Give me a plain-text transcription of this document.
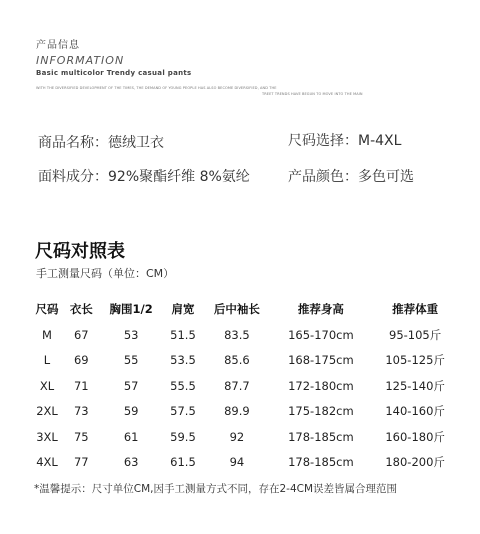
产品信息
INFORMATION
Basic multicolor Trendy casual pants
WITH THE DIVERSIFIED DEVELOPMENT OF THE TIMES, THE DEMAND OF YOUNG PEOPLE HAS ALSO BECOME DIVERSIFIED, AND THE
TREET TRENDS HAVE BEGUN TO MOVE INTO THE MAIN
商品名称：德绒卫衣	尺码选择：M-4XL
面料成分：92%聚酯纤维 8%氨纶	产品颜色：多色可选
尺码对照表
手工测量尺码（单位：CM）
尺码	衣长	胸围1/2	肩宽	后中袖长	推荐身高	推荐体重
M	67	53	51.5	83.5	165-170cm	95-105斤
L	69	55	53.5	85.6	168-175cm	105-125斤
XL	71	57	55.5	87.7	172-180cm	125-140斤
2XL	73	59	57.5	89.9	175-182cm	140-160斤
3XL	75	61	59.5	92	178-185cm	160-180斤
4XL	77	63	61.5	94	178-185cm	180-200斤
*温馨提示：尺寸单位CM,因手工测量方式不同，存在2-4CM误差皆属合理范围
